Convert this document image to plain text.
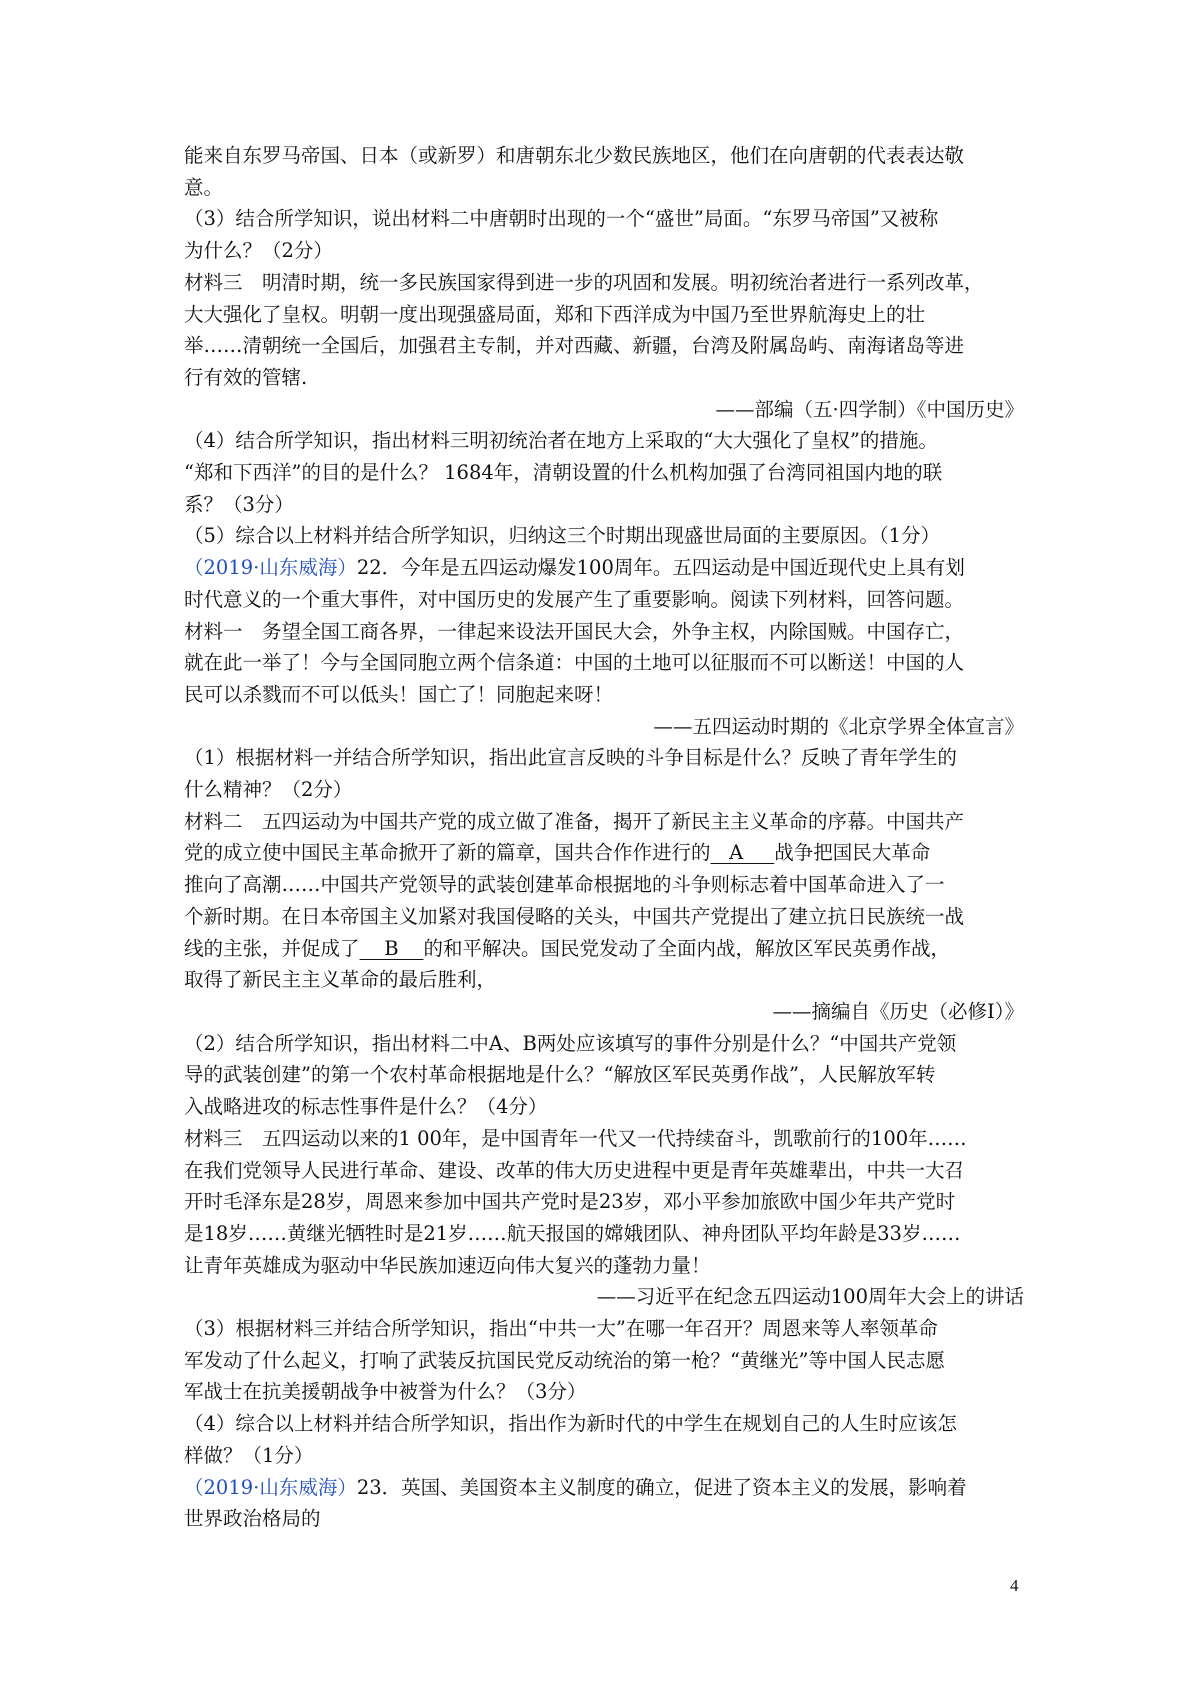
能来自东罗马帝国、日本（或新罗）和唐朝东北少数民族地区，他们在向唐朝的代表表达敬

意。

（3）结合所学知识，说出材料二中唐朝时出现的一个“盛世”局面。“东罗马帝国”又被称

为什么？（2分）

材料三　明清时期，统一多民族国家得到进一步的巩固和发展。明初统治者进行一系列改革，

大大强化了皇权。明朝一度出现强盛局面，郑和下西洋成为中国乃至世界航海史上的壮

举……清朝统一全国后，加强君主专制，并对西藏、新疆，台湾及附属岛屿、南海诸岛等进

行有效的管辖.

——部编（五·四学制）《中国历史》

（4）结合所学知识，指出材料三明初统治者在地方上采取的“大大强化了皇权”的措施。

“郑和下西洋”的目的是什么？ 1684年，清朝设置的什么机构加强了台湾同祖国内地的联

系？（3分）

（5）综合以上材料并结合所学知识，归纳这三个时期出现盛世局面的主要原因。（1分）

（2019·山东威海）22．今年是五四运动爆发100周年。五四运动是中国近现代史上具有划

时代意义的一个重大事件，对中国历史的发展产生了重要影响。阅读下列材料，回答问题。

材料一　务望全国工商各界，一律起来设法开国民大会，外争主权，内除国贼。中国存亡，

就在此一举了！今与全国同胞立两个信条道：中国的土地可以征服而不可以断送！中国的人

民可以杀戮而不可以低头！国亡了！同胞起来呀！

——五四运动时期的《北京学界全体宣言》

（1）根据材料一并结合所学知识，指出此宣言反映的斗争目标是什么？反映了青年学生的

什么精神？（2分）

材料二　五四运动为中国共产党的成立做了准备，揭开了新民主主义革命的序幕。中国共产

党的成立使中国民主革命掀开了新的篇章，国共合作作进行的   A     战争把国民大革命

推向了高潮……中国共产党领导的武装创建革命根据地的斗争则标志着中国革命进入了一

个新时期。在日本帝国主义加紧对我国侵略的关头，中国共产党提出了建立抗日民族统一战

线的主张，并促成了    B    的和平解决。国民党发动了全面内战，解放区军民英勇作战，

取得了新民主主义革命的最后胜利，

——摘编自《历史（必修Ⅰ）》

（2）结合所学知识，指出材料二中A、B两处应该填写的事件分别是什么？“中国共产党领

导的武装创建”的第一个农村革命根据地是什么？“解放区军民英勇作战”，人民解放军转

入战略进攻的标志性事件是什么？（4分）

材料三　五四运动以来的1 00年，是中国青年一代又一代持续奋斗，凯歌前行的100年……

在我们党领导人民进行革命、建设、改革的伟大历史进程中更是青年英雄辈出，中共一大召

开时毛泽东是28岁，周恩来参加中国共产党时是23岁，邓小平参加旅欧中国少年共产党时

是18岁……黄继光牺牲时是21岁……航天报国的嫦娥团队、神舟团队平均年龄是33岁……

让青年英雄成为驱动中华民族加速迈向伟大复兴的蓬勃力量！

——习近平在纪念五四运动100周年大会上的讲话

（3）根据材料三并结合所学知识，指出“中共一大”在哪一年召开？周恩来等人率领革命

军发动了什么起义，打响了武装反抗国民党反动统治的第一枪？“黄继光”等中国人民志愿

军战士在抗美援朝战争中被誉为什么？（3分）

（4）综合以上材料并结合所学知识，指出作为新时代的中学生在规划自己的人生时应该怎

样做？（1分）

（2019·山东威海）23．英国、美国资本主义制度的确立，促进了资本主义的发展，影响着

世界政治格局的

4
